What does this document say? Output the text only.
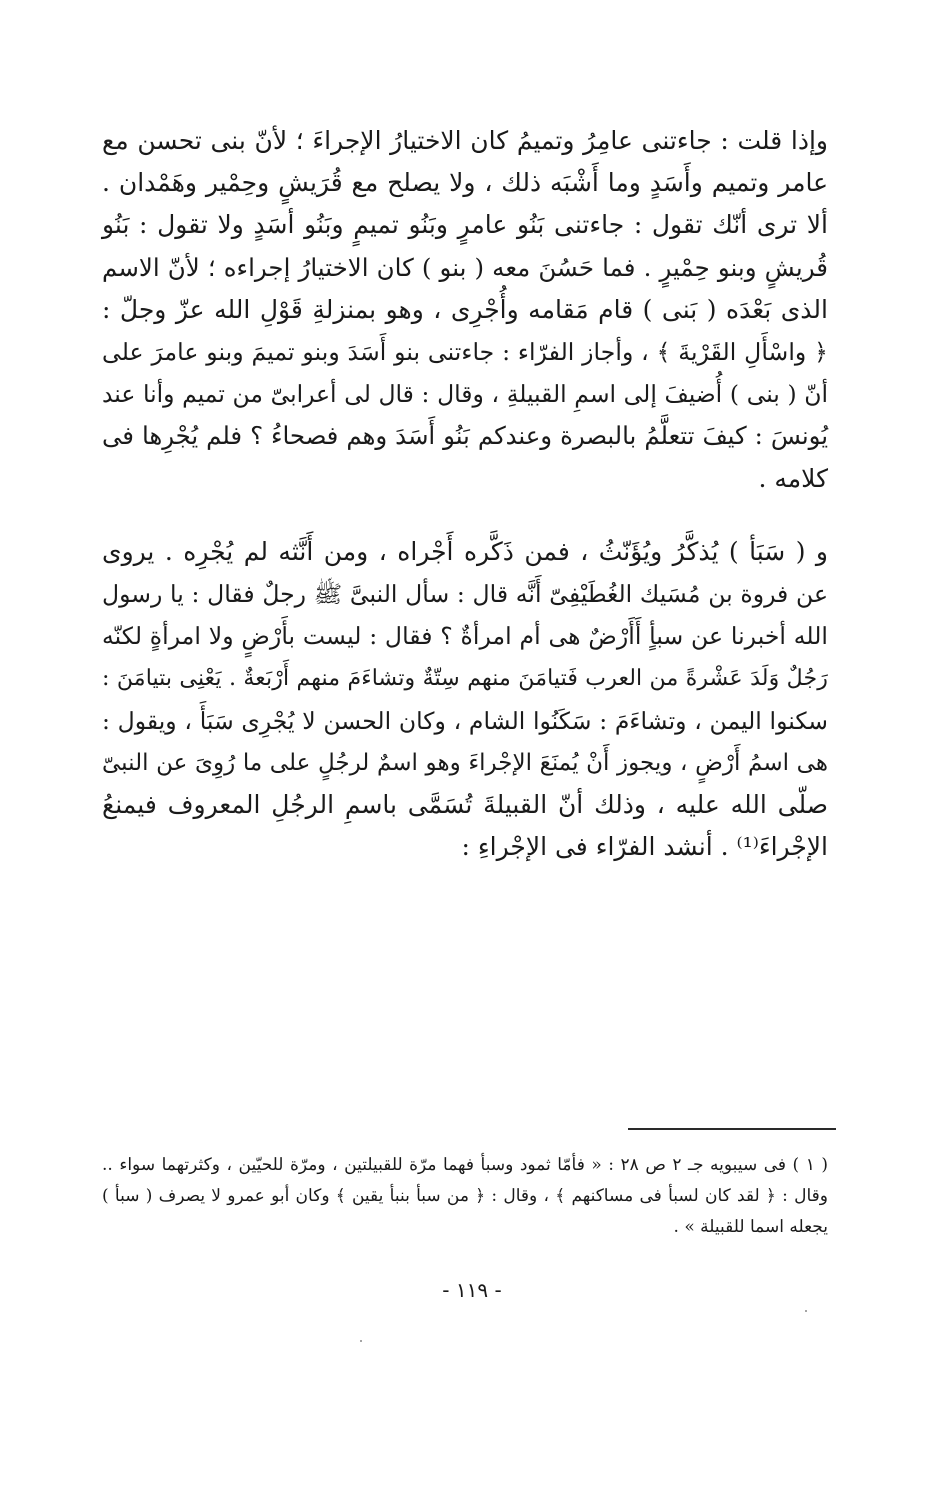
وإذا قلت : جاءتنى عامِرُ وتميمُ كان الاختيارُ الإجراءَ ؛ لأنّ بنى تحسن مع
عامر وتميم وأَسَدٍ وما أَشْبَه ذلك ، ولا يصلح مع قُرَيشٍ وحِمْير وهَمْدان .
ألا ترى أنّك تقول : جاءتنى بَنُو عامرٍ وبَنُو تميمٍ وبَنُو أسَدٍ ولا تقول : بَنُو
قُريشٍ وبنو حِمْيرٍ . فما حَسُنَ معه ( بنو ) كان الاختيارُ إجراءه ؛ لأنّ الاسم
الذى بَعْدَه ( بَنى ) قام مَقامه وأُجْرِى ، وهو بمنزلةِ قَوْلِ الله عزّ وجلّ :
﴿ واسْأَلِ القَرْيةَ ﴾ ، وأجاز الفرّاء : جاءتنى بنو أَسَدَ وبنو تميمَ وبنو عامرَ على
أنّ ( بنى ) أُضيفَ إلى اسمِ القبيلةِ ، وقال : قال لى أعرابىّ من تميم وأنا عند
يُونسَ : كيفَ تتعلَّمُ بالبصرة وعندكم بَنُو أَسَدَ وهم فصحاءُ ؟ فلم يُجْرِها فى
كلامه .

و ( سَبَأ ) يُذكَّرُ ويُؤَنّثُ ، فمن ذَكَّره أَجْراه ، ومن أَنَّثه لم يُجْرِه . يروى
عن فروة بن مُسَيك الغُطَيْفِىّ أَنَّه قال : سأل النبىَّ ﷺ رجلٌ فقال : يا رسول
الله أخبرنا عن سبأٍ أَأَرْضٌ هى أم امرأةٌ ؟ فقال : ليست بأَرْضٍ ولا امرأةٍ لكنّه
رَجُلٌ وَلَدَ عَشْرةً من العرب فَتيامَنَ منهم سِتّةٌ وتشاءَمَ منهم أَرْبَعةٌ . يَعْنِى بتيامَنَ :
سكنوا اليمن ، وتشاءَمَ : سَكَنُوا الشام ، وكان الحسن لا يُجْرِى سَبَأَ ، ويقول :
هى اسمُ أَرْضٍ ، ويجوز أَنْ يُمنَعَ الإجْراءَ وهو اسمٌ لرجُلٍ على ما رُوِىَ عن النبىّ
صلّى الله عليه ، وذلك أنّ القبيلةَ تُسَمَّى باسمِ الرجُلِ المعروف فيمنعُ
الإجْراءَ⁽¹⁾ . أنشد الفرّاء فى الإجْراءِ :

( ١ ) فى سيبويه جـ ٢ ص ٢٨ : « فأمّا ثمود وسبأ فهما مرّة للقبيلتين ، ومرّة للحيّين ، وكثرتهما سواء ..
وقال : ﴿ لقد كان لسبأ فى مساكنهم ﴾ ، وقال : ﴿ من سبأ بنبأ يقين ﴾ وكان أبو عمرو لا يصرف ( سبأ )
يجعله اسما للقبيلة » .
- ١١٩ -
